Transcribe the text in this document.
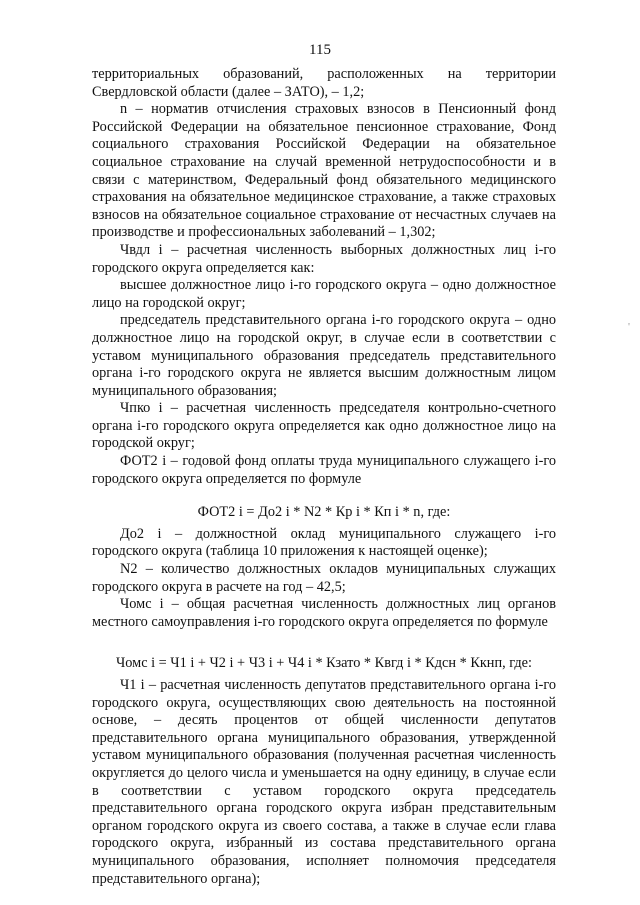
115

территориальных образований, расположенных на территории Свердловской области (далее – ЗАТО), – 1,2;

n – норматив отчисления страховых взносов в Пенсионный фонд Российской Федерации на обязательное пенсионное страхование, Фонд социального страхования Российской Федерации на обязательное социальное страхование на случай временной нетрудоспособности и в связи с материнством, Федеральный фонд обязательного медицинского страхования на обязательное медицинское страхование, а также страховых взносов на обязательное социальное страхование от несчастных случаев на производстве и профессиональных заболеваний – 1,302;

Чвдл i – расчетная численность выборных должностных лиц i-го городского округа определяется как:

высшее должностное лицо i-го городского округа – одно должностное лицо на городской округ;

председатель представительного органа i-го городского округа – одно должностное лицо на городской округ, в случае если в соответствии с уставом муниципального образования председатель представительного органа i-го городского округа не является высшим должностным лицом муниципального образования;

Чпко i – расчетная численность председателя контрольно-счетного органа i-го городского округа определяется как одно должностное лицо на городской округ;

ФОТ2 i – годовой фонд оплаты труда муниципального служащего i-го городского округа определяется по формуле

ФОТ2 i = До2 i * N2 * Кр i * Кп i * n, где:

До2 i – должностной оклад муниципального служащего i-го городского округа (таблица 10 приложения к настоящей оценке);

N2 – количество должностных окладов муниципальных служащих городского округа в расчете на год – 42,5;

Чомс i – общая расчетная численность должностных лиц органов местного самоуправления i-го городского округа определяется по формуле

Чомс i = Ч1 i + Ч2 i + Ч3 i + Ч4 i * Кзато * Квгд i * Кдсн * Ккнп, где:

Ч1 i – расчетная численность депутатов представительного органа i-го городского округа, осуществляющих свою деятельность на постоянной основе, – десять процентов от общей численности депутатов представительного органа муниципального образования, утвержденной уставом муниципального образования (полученная расчетная численность округляется до целого числа и уменьшается на одну единицу, в случае если в соответствии с уставом городского округа председатель представительного органа городского округа избран представительным органом городского округа из своего состава, а также в случае если глава городского округа, избранный из состава представительного органа муниципального образования, исполняет полномочия председателя представительного органа);

'
